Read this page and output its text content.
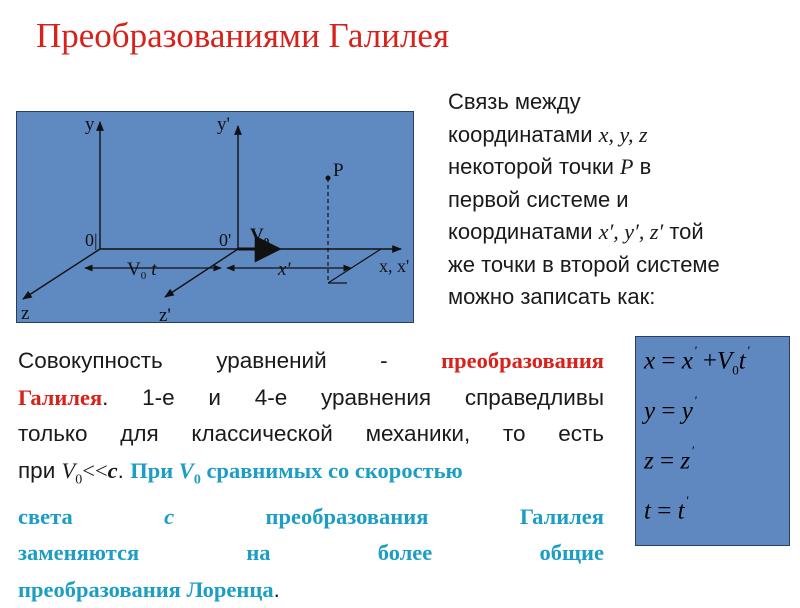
Преобразованиями Галилея
y	y'
0|	0' $V_0$
P
$V_0$ t	x'	x, x'
z	z'
Связь между
координатами x, y, z
некоторой точки P в
первой системе и
координатами x′, y′, z′ той
же точки в второй системе
можно записать как:
Совокупность уравнений - преобразования
Галилея. 1-е и 4-е уравнения справедливы
только для классической механики, то есть
при $V_0<<c$. При $V_0$ сравнимых со скоростью
света	c	преобразования	Галилея
заменяются	на	более	общие
преобразования Лоренца.
$x = x' +V_0t'$
y = y'
z = z'
t = t'
